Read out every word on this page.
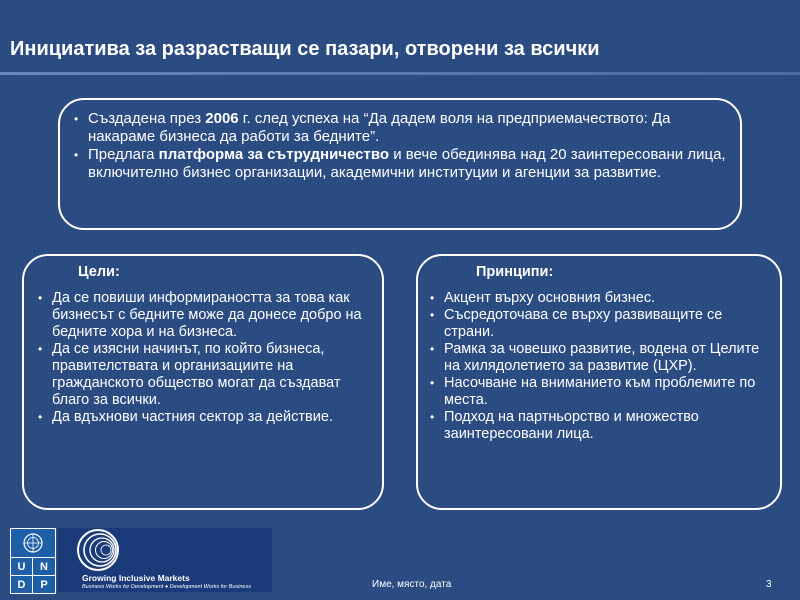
Инициатива за разрастващи се пазари, отворени за всички
• Създадена през 2006 г. след успеха на “Да дадем воля на предприемачеството: Да накараме бизнеса да работи за бедните”.
• Предлага платформа за сътрудничество и вече обединява над 20 заинтересовани лица, включително бизнес организации, академични институции и агенции за развитие.
Цели:
• Да се повиши информираността за това как бизнесът с бедните може да донесе добро на бедните хора и на бизнеса.
• Да се изясни начинът, по който бизнеса, правителствата и организациите на гражданското общество могат да създават благо за всички.
• Да вдъхнови частния сектор за действие.
Принципи:
• Акцент върху основния бизнес.
• Съсредоточава се върху развиващите се страни.
• Рамка за човешко развитие, водена от Целите на хилядолетието за развитие (ЦХР).
• Насочване на вниманието към проблемите по места.
• Подход на партньорство и множество заинтересовани лица.
U	N
D	P
Growing Inclusive Markets
Business Works for Development ● Development Works for Business	Име, място, дата	3
